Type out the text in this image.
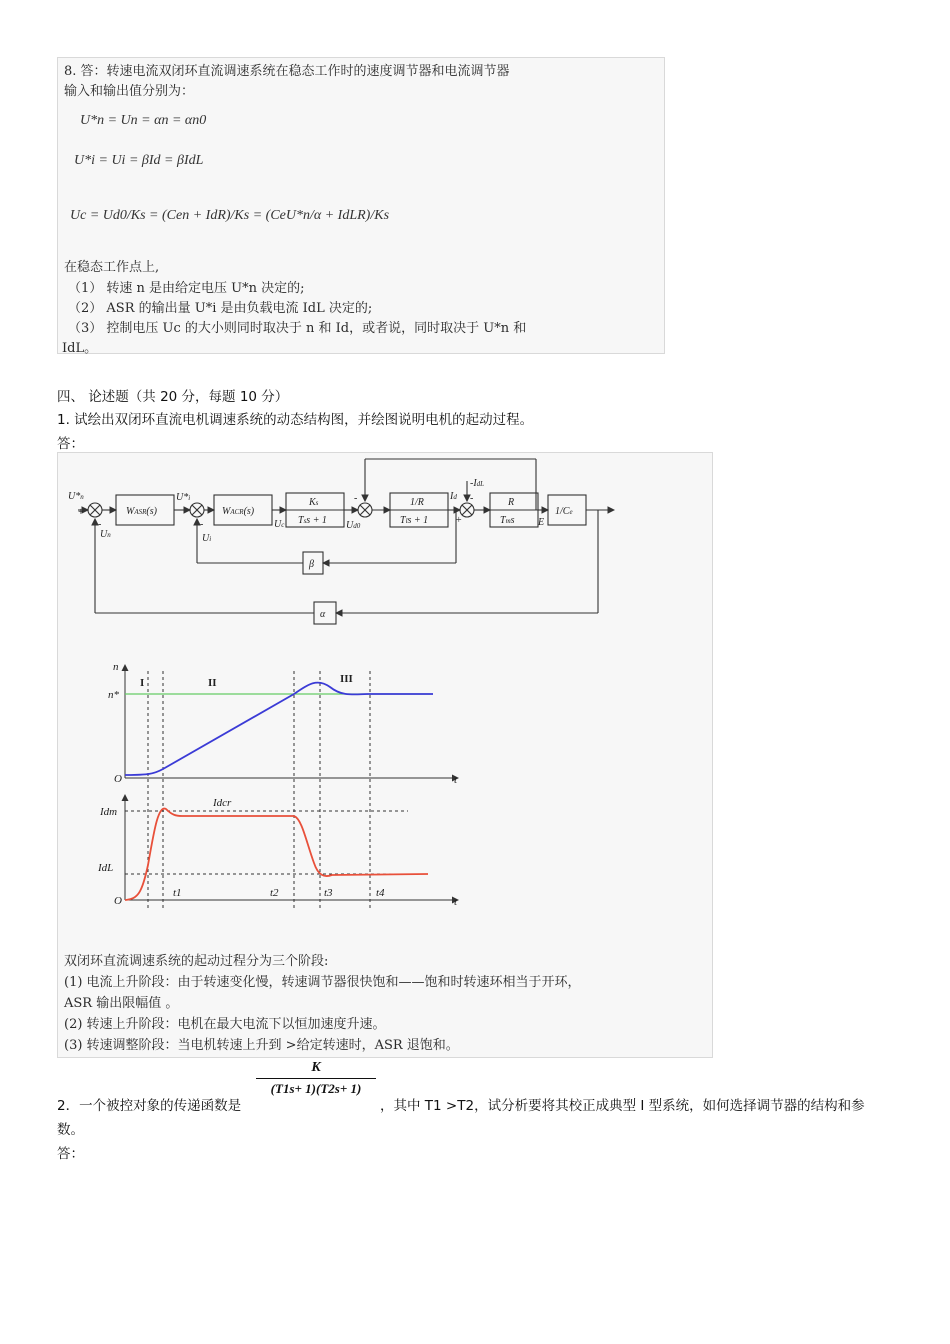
8. 答：转速电流双闭环直流调速系统在稳态工作时的速度调节器和电流调节器
输入和输出值分别为：
U*n = Un = αn = αn0
U*i = Ui = βId = βIdL
Uc = Ud0/Ks = (Cen + IdR)/Ks = (CeU*n/α + IdLR)/Ks
在稳态工作点上,
（1） 转速 n 是由给定电压 U*n 决定的;
（2） ASR 的输出量 U*i 是由负载电流 IdL 决定的;
（3） 控制电压 Uc 的大小则同时取决于 n 和 Id，或者说，同时取决于 U*n 和
IdL。
四、 论述题（共 20 分，每题 10 分）
1. 试绘出双闭环直流电机调速系统的动态结构图，并绘图说明电机的起动过程。
答：
WASR(s)	WACR(s)
Ks
Tss + 1
1/R
Tls + 1
R
Tms
1/Ce
β
α
U*n
Un
U*i
Ui
Uc	Ud0
Id
-IdL
E
+
-	-
-
+
-
I	II	III
n
n*
t
t
O
O
Idm
Idcr
IdL
t1	t2	t3	t4
双闭环直流调速系统的起动过程分为三个阶段:
(1) 电流上升阶段：由于转速变化慢，转速调节器很快饱和——饱和时转速环相当于开环，
ASR 输出限幅值 。
(2) 转速上升阶段：电机在最大电流下以恒加速度升速。
(3) 转速调整阶段：当电机转速上升到 >给定转速时，ASR 退饱和。
K
(T1s+ 1)(T2s+ 1)
2．一个被控对象的传递函数是	，其中 T1 >T2，试分析要将其校正成典型 I 型系统，如何选择调节器的结构和参
数。
答：
